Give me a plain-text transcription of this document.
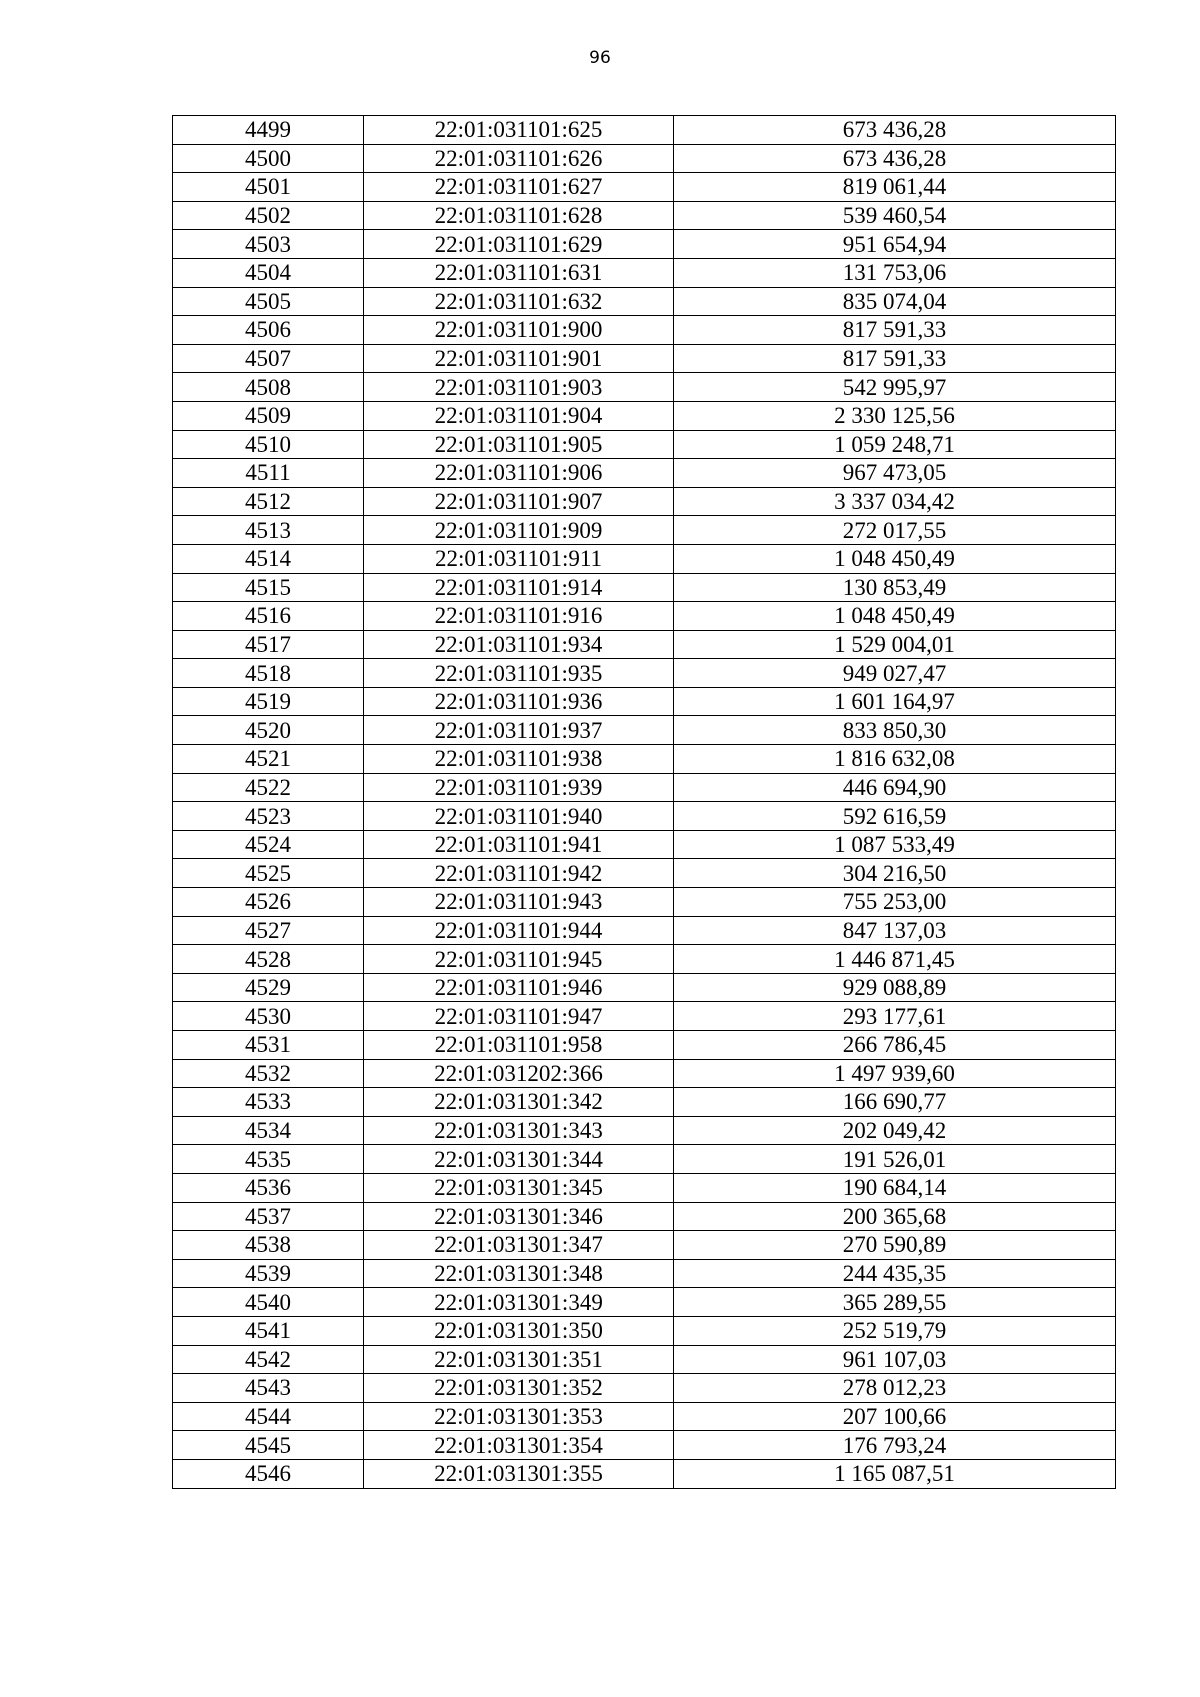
96
4499	22:01:031101:625	673 436,28
4500	22:01:031101:626	673 436,28
4501	22:01:031101:627	819 061,44
4502	22:01:031101:628	539 460,54
4503	22:01:031101:629	951 654,94
4504	22:01:031101:631	131 753,06
4505	22:01:031101:632	835 074,04
4506	22:01:031101:900	817 591,33
4507	22:01:031101:901	817 591,33
4508	22:01:031101:903	542 995,97
4509	22:01:031101:904	2 330 125,56
4510	22:01:031101:905	1 059 248,71
4511	22:01:031101:906	967 473,05
4512	22:01:031101:907	3 337 034,42
4513	22:01:031101:909	272 017,55
4514	22:01:031101:911	1 048 450,49
4515	22:01:031101:914	130 853,49
4516	22:01:031101:916	1 048 450,49
4517	22:01:031101:934	1 529 004,01
4518	22:01:031101:935	949 027,47
4519	22:01:031101:936	1 601 164,97
4520	22:01:031101:937	833 850,30
4521	22:01:031101:938	1 816 632,08
4522	22:01:031101:939	446 694,90
4523	22:01:031101:940	592 616,59
4524	22:01:031101:941	1 087 533,49
4525	22:01:031101:942	304 216,50
4526	22:01:031101:943	755 253,00
4527	22:01:031101:944	847 137,03
4528	22:01:031101:945	1 446 871,45
4529	22:01:031101:946	929 088,89
4530	22:01:031101:947	293 177,61
4531	22:01:031101:958	266 786,45
4532	22:01:031202:366	1 497 939,60
4533	22:01:031301:342	166 690,77
4534	22:01:031301:343	202 049,42
4535	22:01:031301:344	191 526,01
4536	22:01:031301:345	190 684,14
4537	22:01:031301:346	200 365,68
4538	22:01:031301:347	270 590,89
4539	22:01:031301:348	244 435,35
4540	22:01:031301:349	365 289,55
4541	22:01:031301:350	252 519,79
4542	22:01:031301:351	961 107,03
4543	22:01:031301:352	278 012,23
4544	22:01:031301:353	207 100,66
4545	22:01:031301:354	176 793,24
4546	22:01:031301:355	1 165 087,51
